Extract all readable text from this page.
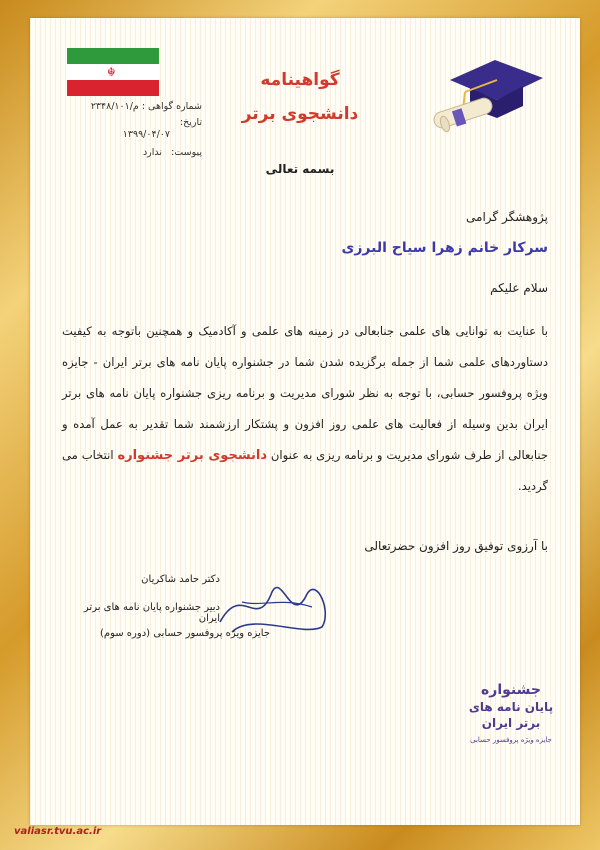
☬
شماره گواهی : م/۲۳۴۸/۱۰۱
تاریخ:
۱۳۹۹/۰۴/۰۷
پیوست: ندارد
گواهینامه
دانشجوی برتر
بسمه تعالی
پژوهشگر گرامی
سرکار خانم زهرا سیاح البرزی
سلام علیکم
با عنایت به توانایی های علمی جنابعالی در زمینه های علمی و آکادمیک و همچنین باتوجه به کیفیت دستاوردهای علمی شما از جمله برگزیده شدن شما در جشنواره پایان نامه های برتر ایران - جایزه ویژه پروفسور حسابی، با توجه به نظر شورای مدیریت و برنامه ریزی جشنواره پایان نامه های برتر ایران بدین وسیله از فعالیت های علمی روز افزون و پشتکار ارزشمند شما تقدیر به عمل آمده و جنابعالی از طرف شورای مدیریت و برنامه ریزی به عنوان دانشجوی برتر جشنواره انتخاب می گردید.
با آرزوی توفیق روز افزون حضرتعالی
دکتر حامد شاکریان
دبیر جشنواره پایان نامه های برتر ایران
جایزه ویژه پروفسور حسابی (دوره سوم)
جشنواره
پایان نامه های
برتر ایران
جایزه ویژه پروفسور حسابی
valiasr.tvu.ac.ir
